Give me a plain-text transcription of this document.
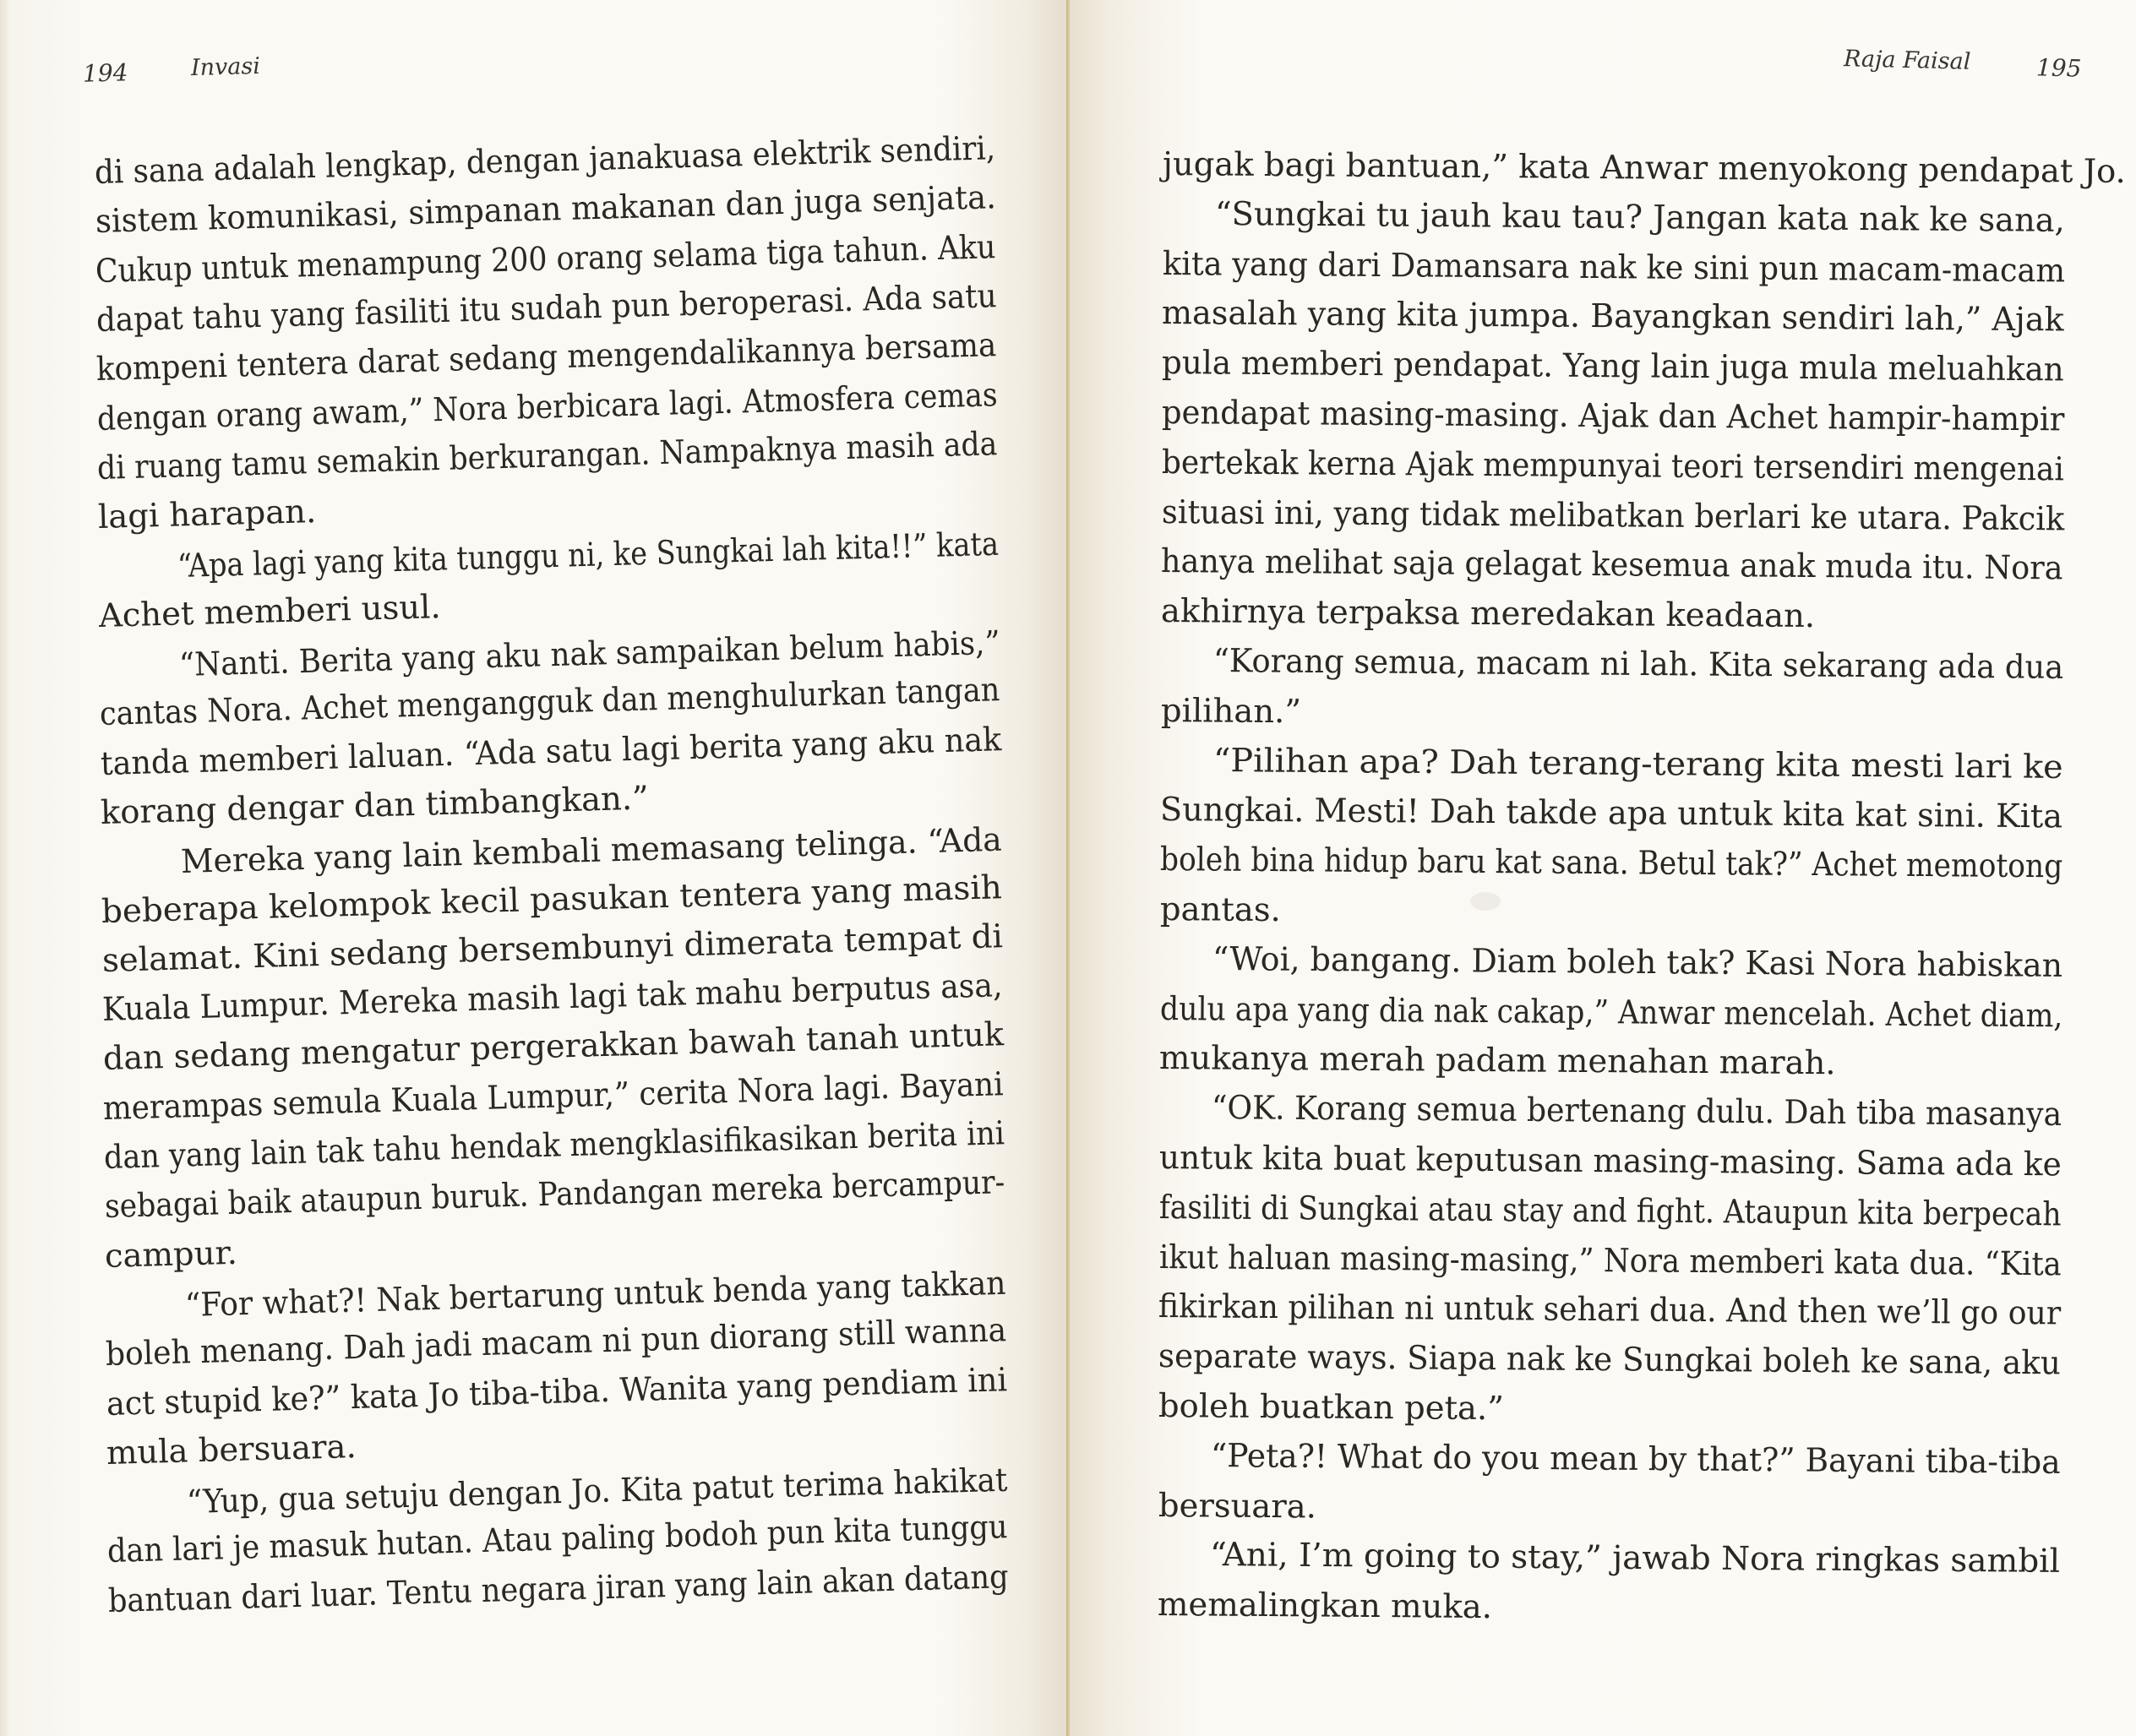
194	Invasi
di sana adalah lengkap, dengan janakuasa elektrik sendiri,
sistem komunikasi, simpanan makanan dan juga senjata.
Cukup untuk menampung 200 orang selama tiga tahun. Aku
dapat tahu yang fasiliti itu sudah pun beroperasi. Ada satu
kompeni tentera darat sedang mengendalikannya bersama
dengan orang awam,” Nora berbicara lagi. Atmosfera cemas
di ruang tamu semakin berkurangan. Nampaknya masih ada
lagi harapan.
“Apa lagi yang kita tunggu ni, ke Sungkai lah kita!!” kata
Achet memberi usul.
“Nanti. Berita yang aku nak sampaikan belum habis,”
cantas Nora. Achet mengangguk dan menghulurkan tangan
tanda memberi laluan. “Ada satu lagi berita yang aku nak
korang dengar dan timbangkan.”
Mereka yang lain kembali memasang telinga. “Ada
beberapa kelompok kecil pasukan tentera yang masih
selamat. Kini sedang bersembunyi dimerata tempat di
Kuala Lumpur. Mereka masih lagi tak mahu berputus asa,
dan sedang mengatur pergerakkan bawah tanah untuk
merampas semula Kuala Lumpur,” cerita Nora lagi. Bayani
dan yang lain tak tahu hendak mengklasifikasikan berita ini
sebagai baik ataupun buruk. Pandangan mereka bercampur-
campur.
“For what?! Nak bertarung untuk benda yang takkan
boleh menang. Dah jadi macam ni pun diorang still wanna
act stupid ke?” kata Jo tiba-tiba. Wanita yang pendiam ini
mula bersuara.
“Yup, gua setuju dengan Jo. Kita patut terima hakikat
dan lari je masuk hutan. Atau paling bodoh pun kita tunggu
bantuan dari luar. Tentu negara jiran yang lain akan datang
Raja Faisal	195
jugak bagi bantuan,” kata Anwar menyokong pendapat Jo.
“Sungkai tu jauh kau tau? Jangan kata nak ke sana,
kita yang dari Damansara nak ke sini pun macam-macam
masalah yang kita jumpa. Bayangkan sendiri lah,” Ajak
pula memberi pendapat. Yang lain juga mula meluahkan
pendapat masing-masing. Ajak dan Achet hampir-hampir
bertekak kerna Ajak mempunyai teori tersendiri mengenai
situasi ini, yang tidak melibatkan berlari ke utara. Pakcik
hanya melihat saja gelagat kesemua anak muda itu. Nora
akhirnya terpaksa meredakan keadaan.
“Korang semua, macam ni lah. Kita sekarang ada dua
pilihan.”
“Pilihan apa? Dah terang-terang kita mesti lari ke
Sungkai. Mesti! Dah takde apa untuk kita kat sini. Kita
boleh bina hidup baru kat sana. Betul tak?” Achet memotong
pantas.
“Woi, bangang. Diam boleh tak? Kasi Nora habiskan
dulu apa yang dia nak cakap,” Anwar mencelah. Achet diam,
mukanya merah padam menahan marah.
“OK. Korang semua bertenang dulu. Dah tiba masanya
untuk kita buat keputusan masing-masing. Sama ada ke
fasiliti di Sungkai atau stay and fight. Ataupun kita berpecah
ikut haluan masing-masing,” Nora memberi kata dua. “Kita
fikirkan pilihan ni untuk sehari dua. And then we’ll go our
separate ways. Siapa nak ke Sungkai boleh ke sana, aku
boleh buatkan peta.”
“Peta?! What do you mean by that?” Bayani tiba-tiba
bersuara.
“Ani, I’m going to stay,” jawab Nora ringkas sambil
memalingkan muka.
